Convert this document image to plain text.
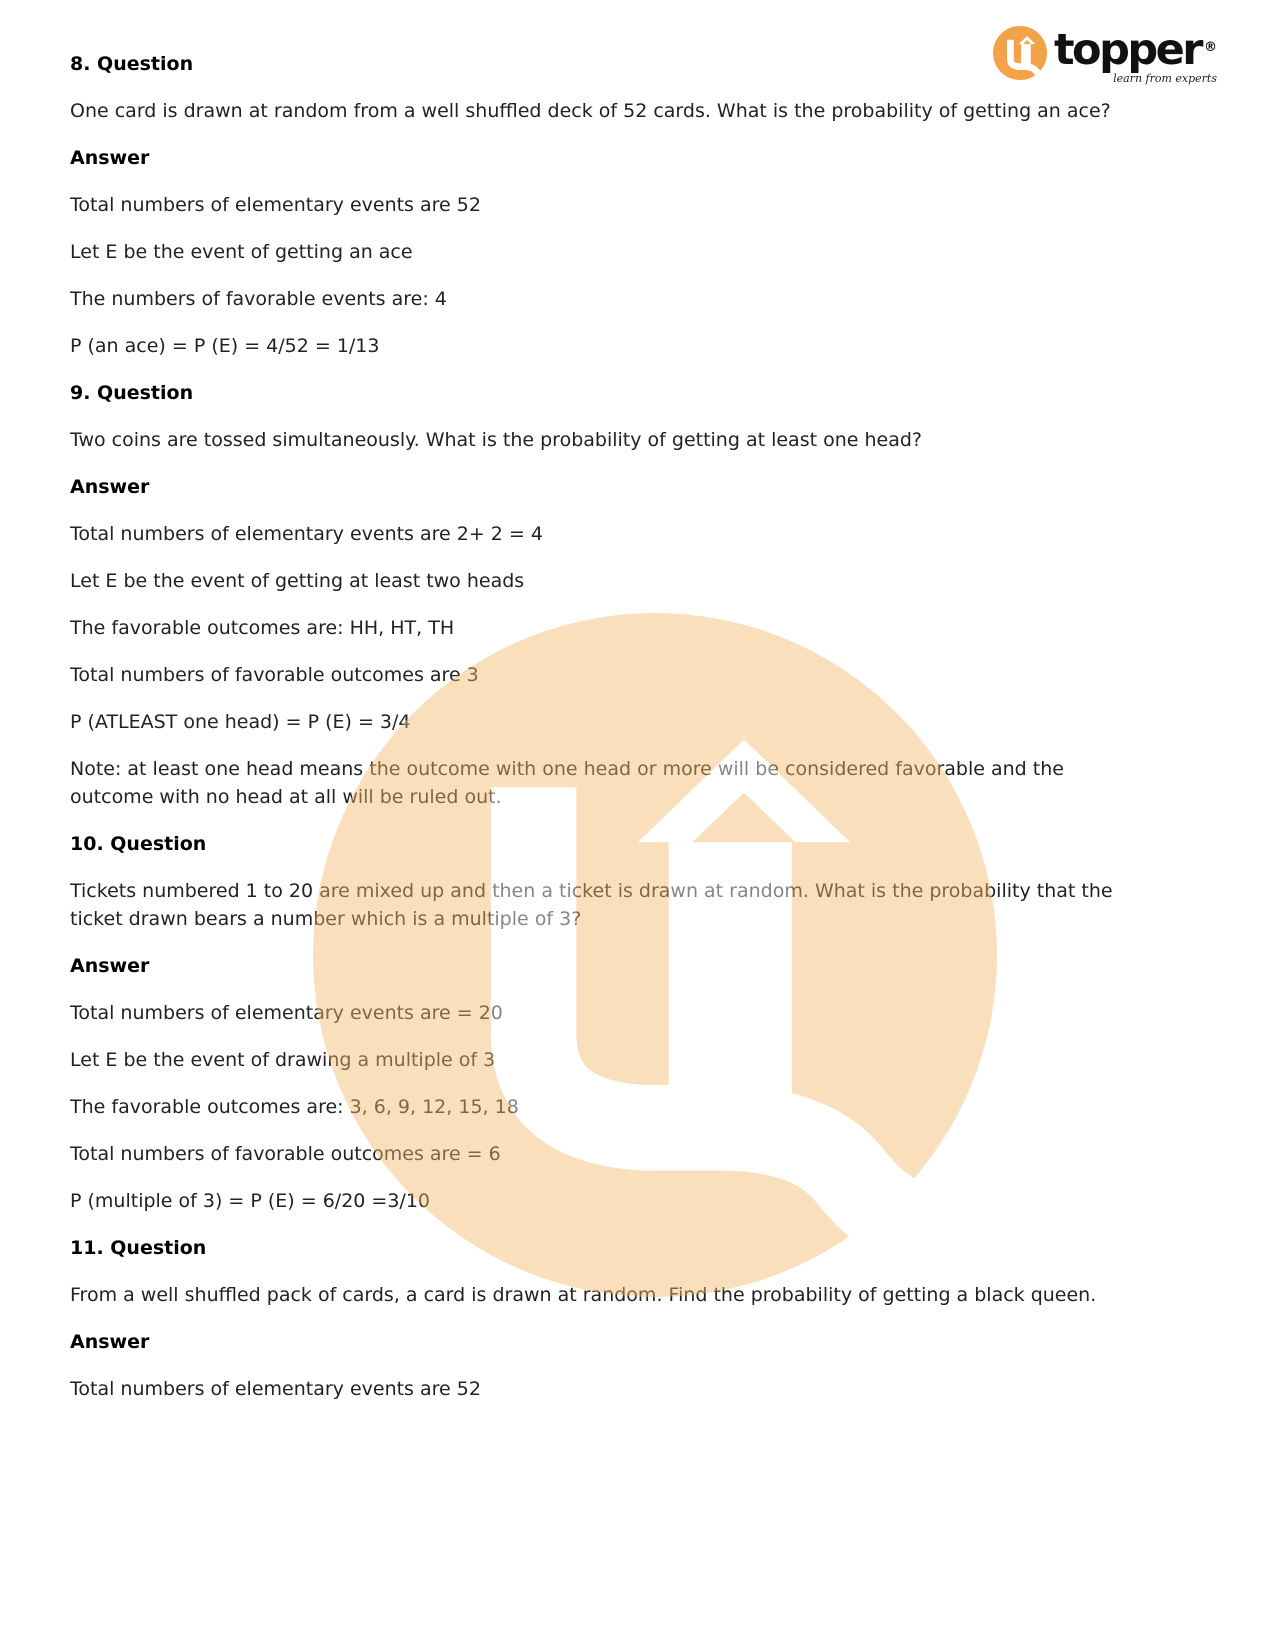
topper ®
learn from experts
8. Question

One card is drawn at random from a well shuffled deck of 52 cards. What is the probability of getting an ace?

Answer

Total numbers of elementary events are 52

Let E be the event of getting an ace

The numbers of favorable events are: 4

P (an ace) = P (E) = 4/52 = 1/13

9. Question

Two coins are tossed simultaneously. What is the probability of getting at least one head?

Answer

Total numbers of elementary events are 2+ 2 = 4

Let E be the event of getting at least two heads

The favorable outcomes are: HH, HT, TH

Total numbers of favorable outcomes are 3

P (ATLEAST one head) = P (E) = 3/4

Note: at least one head means the outcome with one head or more will be considered favorable and the outcome with no head at all will be ruled out.

10. Question

Tickets numbered 1 to 20 are mixed up and then a ticket is drawn at random. What is the probability that the ticket drawn bears a number which is a multiple of 3?

Answer

Total numbers of elementary events are = 20

Let E be the event of drawing a multiple of 3

The favorable outcomes are: 3, 6, 9, 12, 15, 18

Total numbers of favorable outcomes are = 6

P (multiple of 3) = P (E) = 6/20 =3/10

11. Question

From a well shuffled pack of cards, a card is drawn at random. Find the probability of getting a black queen.

Answer

Total numbers of elementary events are 52
